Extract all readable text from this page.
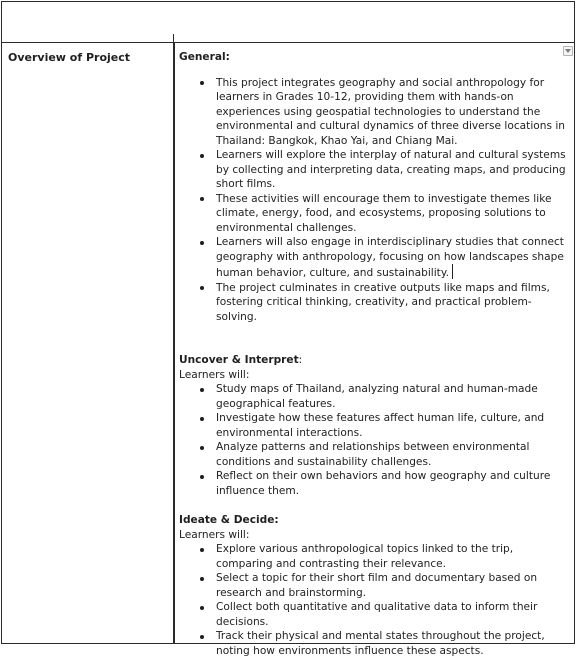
Overview of Project	General:
This project integrates geography and social anthropology for learners in Grades 10-12, providing them with hands-on experiences using geospatial technologies to understand the environmental and cultural dynamics of three diverse locations in Thailand: Bangkok, Khao Yai, and Chiang Mai.
Learners will explore the interplay of natural and cultural systems by collecting and interpreting data, creating maps, and producing short films.
These activities will encourage them to investigate themes like climate, energy, food, and ecosystems, proposing solutions to environmental challenges.
Learners will also engage in interdisciplinary studies that connect geography with anthropology, focusing on how landscapes shape human behavior, culture, and sustainability.
The project culminates in creative outputs like maps and films, fostering critical thinking, creativity, and practical problem-solving.
Uncover & Interpret:
Learners will:
Study maps of Thailand, analyzing natural and human-made geographical features.
Investigate how these features affect human life, culture, and environmental interactions.
Analyze patterns and relationships between environmental conditions and sustainability challenges.
Reflect on their own behaviors and how geography and culture influence them.
Ideate & Decide:
Learners will:
Explore various anthropological topics linked to the trip, comparing and contrasting their relevance.
Select a topic for their short film and documentary based on research and brainstorming.
Collect both quantitative and qualitative data to inform their decisions.
Track their physical and mental states throughout the project, noting how environments influence these aspects.
